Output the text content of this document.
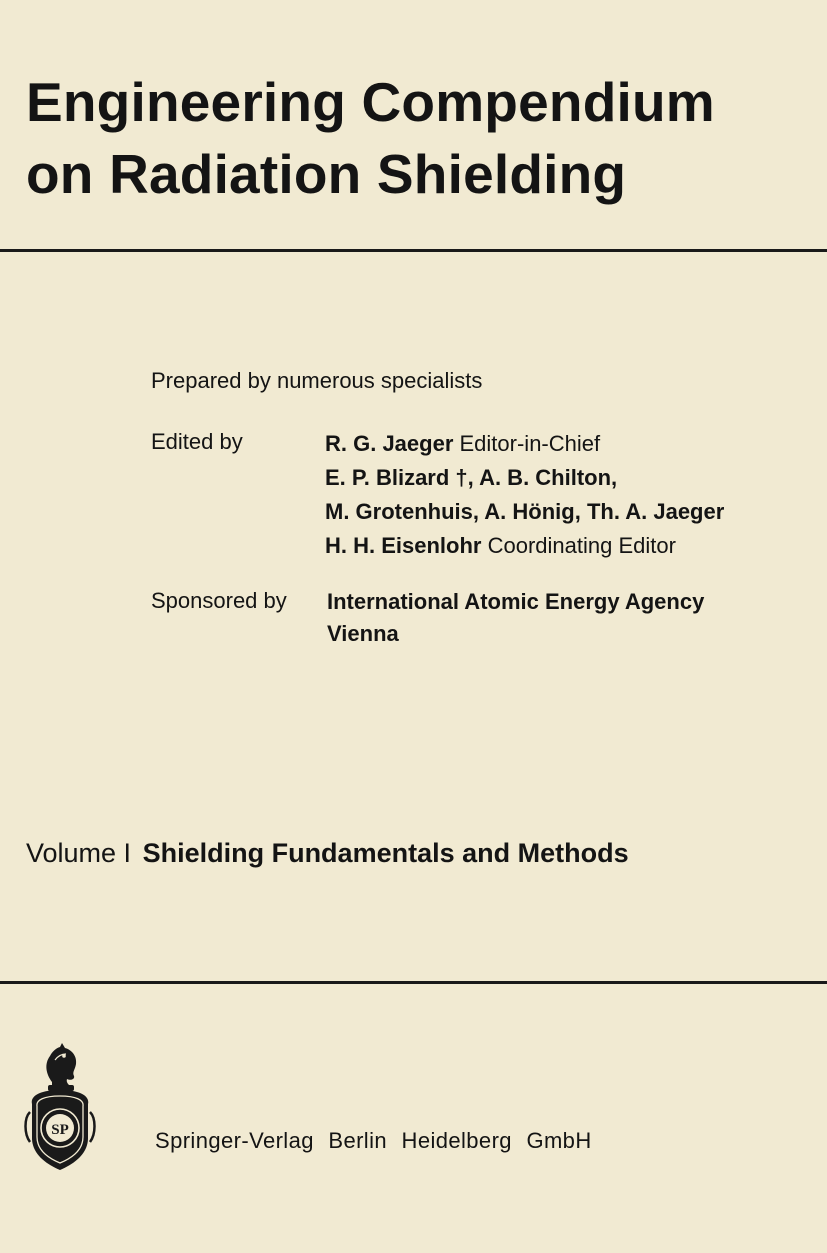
Engineering Compendium
on Radiation Shielding
Prepared by numerous specialists
Edited by	R. G. Jaeger Editor-in-Chief
E. P. Blizard †, A. B. Chilton,
M. Grotenhuis, A. Hönig, Th. A. Jaeger
H. H. Eisenlohr Coordinating Editor
Sponsored by International Atomic Energy Agency
Vienna
Volume I Shielding Fundamentals and Methods
SP	Springer-Verlag Berlin Heidelberg GmbH
